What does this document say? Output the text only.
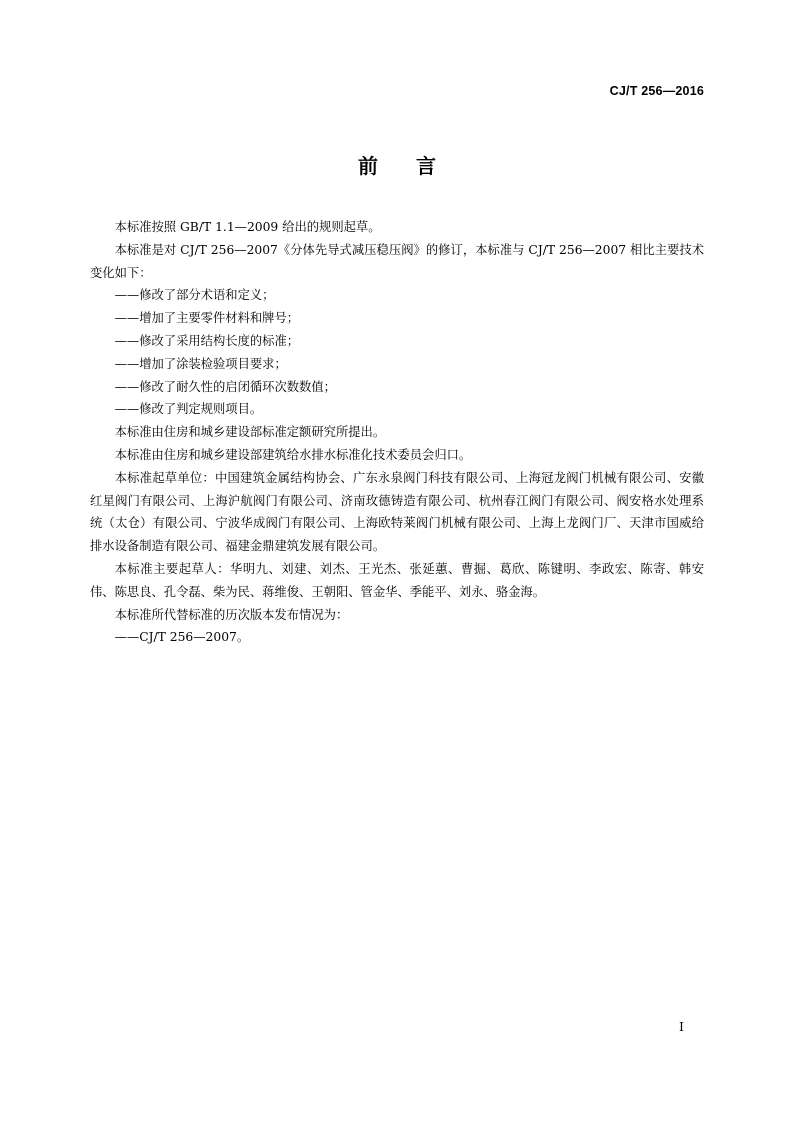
CJ/T 256—2016
前言

本标准按照 GB/T 1.1—2009 给出的规则起草。

本标准是对 CJ/T 256—2007《分体先导式减压稳压阀》的修订，本标准与 CJ/T 256—2007 相比主要技术变化如下：

——修改了部分术语和定义；

——增加了主要零件材料和牌号；

——修改了采用结构长度的标准；

——增加了涂装检验项目要求；

——修改了耐久性的启闭循环次数数值；

——修改了判定规则项目。

本标准由住房和城乡建设部标准定额研究所提出。

本标准由住房和城乡建设部建筑给水排水标准化技术委员会归口。

本标准起草单位：中国建筑金属结构协会、广东永泉阀门科技有限公司、上海冠龙阀门机械有限公司、安徽红星阀门有限公司、上海沪航阀门有限公司、济南玫德铸造有限公司、杭州春江阀门有限公司、阀安格水处理系统（太仓）有限公司、宁波华成阀门有限公司、上海欧特莱阀门机械有限公司、上海上龙阀门厂、天津市国威给排水设备制造有限公司、福建金鼎建筑发展有限公司。

本标准主要起草人：华明九、刘建、刘杰、王光杰、张延蕙、曹掘、葛欣、陈键明、李政宏、陈寄、韩安伟、陈思良、孔令磊、柴为民、蒋维俊、王朝阳、管金华、季能平、刘永、骆金海。

本标准所代替标准的历次版本发布情况为：

——CJ/T 256—2007。

I
